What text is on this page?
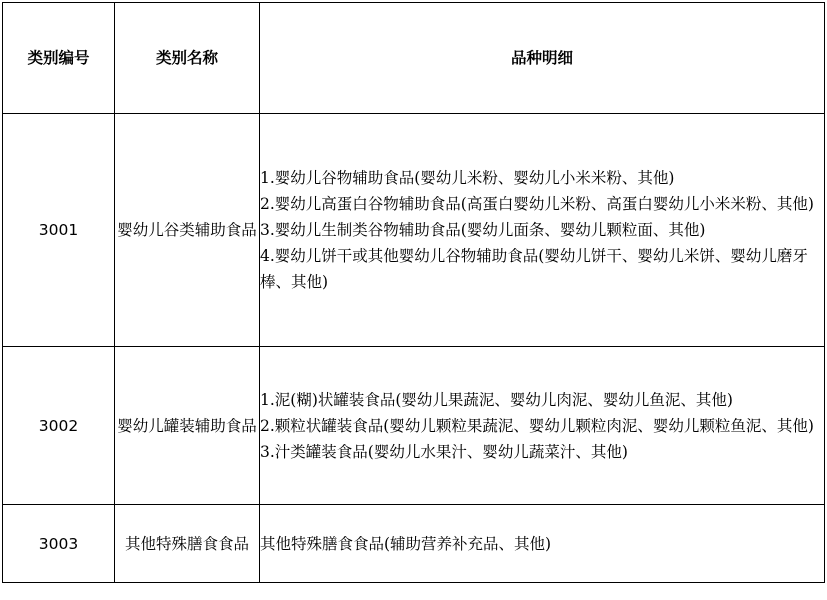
类别编号	类别名称	品种明细
3001	婴幼儿谷类辅助食品	1.婴幼儿谷物辅助食品(婴幼儿米粉、婴幼儿小米米粉、其他)
2.婴幼儿高蛋白谷物辅助食品(高蛋白婴幼儿米粉、高蛋白婴幼儿小米米粉、其他)
3.婴幼儿生制类谷物辅助食品(婴幼儿面条、婴幼儿颗粒面、其他)
4.婴幼儿饼干或其他婴幼儿谷物辅助食品(婴幼儿饼干、婴幼儿米饼、婴幼儿磨牙棒、其他)

3002	婴幼儿罐装辅助食品	1.泥(糊)状罐装食品(婴幼儿果蔬泥、婴幼儿肉泥、婴幼儿鱼泥、其他)
2.颗粒状罐装食品(婴幼儿颗粒果蔬泥、婴幼儿颗粒肉泥、婴幼儿颗粒鱼泥、其他)
3.汁类罐装食品(婴幼儿水果汁、婴幼儿蔬菜汁、其他)

3003	其他特殊膳食食品	其他特殊膳食食品(辅助营养补充品、其他)
